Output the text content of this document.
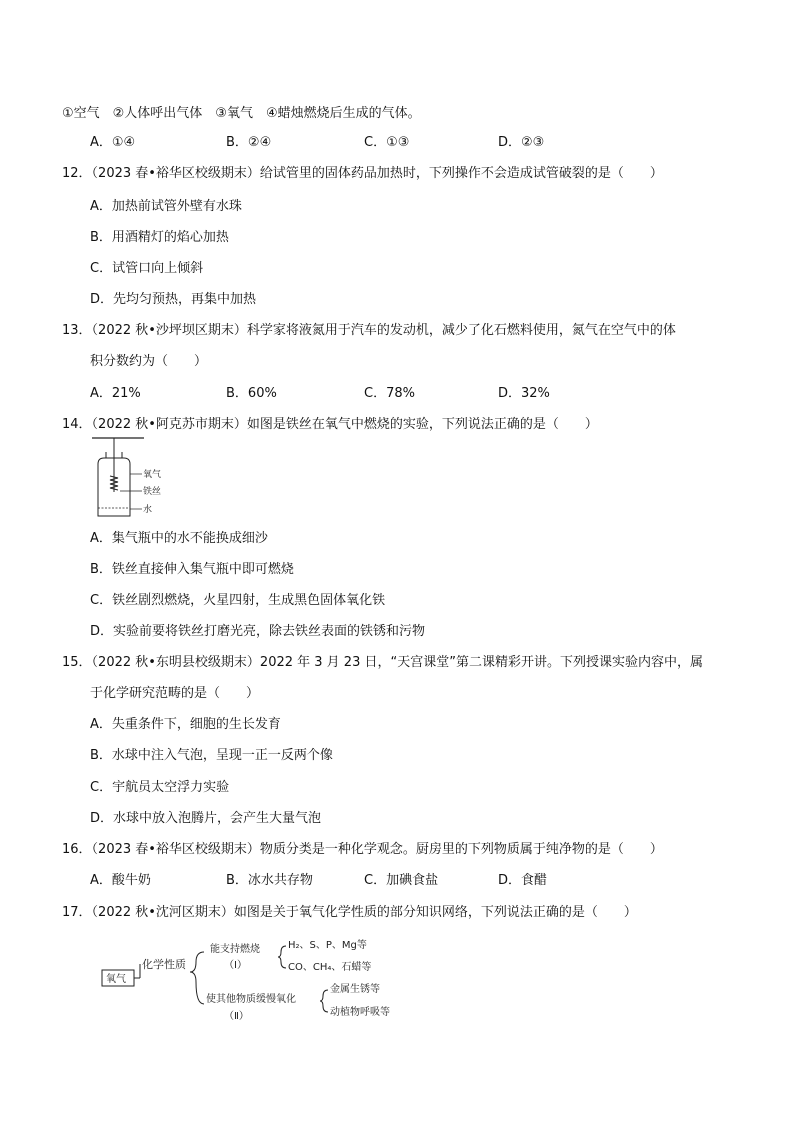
①空气　②人体呼出气体　③氧气　④蜡烛燃烧后生成的气体。
A．①④	B．②④	C．①③	D．②③
12．（2023 春•裕华区校级期末）给试管里的固体药品加热时，下列操作不会造成试管破裂的是（　　）
A．加热前试管外壁有水珠
B．用酒精灯的焰心加热
C．试管口向上倾斜
D．先均匀预热，再集中加热
13．（2022 秋•沙坪坝区期末）科学家将液氮用于汽车的发动机，减少了化石燃料使用，氮气在空气中的体
积分数约为（　　）
A．21%	B．60%	C．78%	D．32%
14．（2022 秋•阿克苏市期末）如图是铁丝在氧气中燃烧的实验，下列说法正确的是（　　）
氧气
铁丝
水
A．集气瓶中的水不能换成细沙
B．铁丝直接伸入集气瓶中即可燃烧
C．铁丝剧烈燃烧，火星四射，生成黑色固体氧化铁
D．实验前要将铁丝打磨光亮，除去铁丝表面的铁锈和污物
15．（2022 秋•东明县校级期末）2022 年 3 月 23 日，“天宫课堂”第二课精彩开讲。下列授课实验内容中，属
于化学研究范畴的是（　　）
A．失重条件下，细胞的生长发育
B．水球中注入气泡，呈现一正一反两个像
C．宇航员太空浮力实验
D．水球中放入泡腾片，会产生大量气泡
16．（2023 春•裕华区校级期末）物质分类是一种化学观念。厨房里的下列物质属于纯净物的是（　　）
A．酸牛奶	B．冰水共存物	C．加碘食盐	D．食醋
17．（2022 秋•沈河区期末）如图是关于氧气化学性质的部分知识网络，下列说法正确的是（　　）
氧气
化学性质
能支持燃烧
（Ⅰ）
H₂、S、P、Mg等
CO、CH₄、石蜡等
使其他物质缓慢氧化
（Ⅱ）
金属生锈等
动植物呼吸等
